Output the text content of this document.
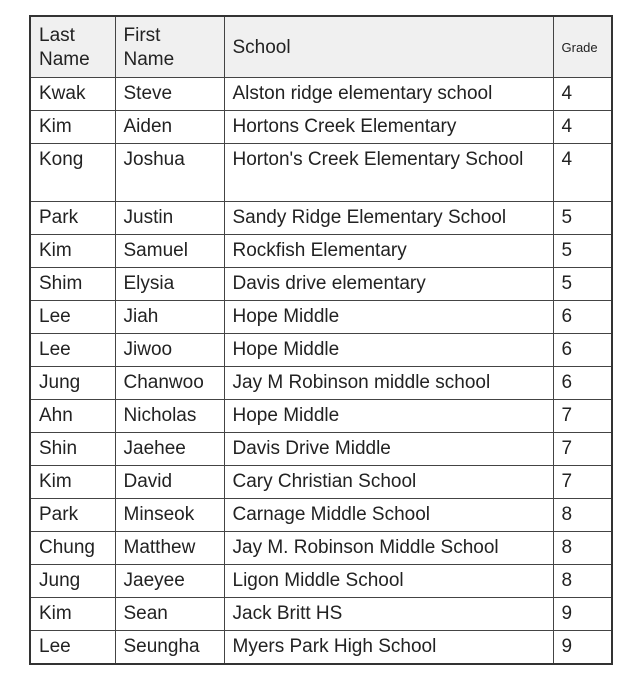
Last Name	First Name	School	Grade
Kwak	Steve	Alston ridge elementary school	4
Kim	Aiden	Hortons Creek Elementary	4
Kong	Joshua	Horton's Creek Elementary School	4
Park	Justin	Sandy Ridge Elementary School	5
Kim	Samuel	Rockfish Elementary	5
Shim	Elysia	Davis drive elementary	5
Lee	Jiah	Hope Middle	6
Lee	Jiwoo	Hope Middle	6
Jung	Chanwoo	Jay M Robinson middle school	6
Ahn	Nicholas	Hope Middle	7
Shin	Jaehee	Davis Drive Middle	7
Kim	David	Cary Christian School	7
Park	Minseok	Carnage Middle School	8
Chung	Matthew	Jay M. Robinson Middle School	8
Jung	Jaeyee	Ligon Middle School	8
Kim	Sean	Jack Britt HS	9
Lee	Seungha	Myers Park High School	9
